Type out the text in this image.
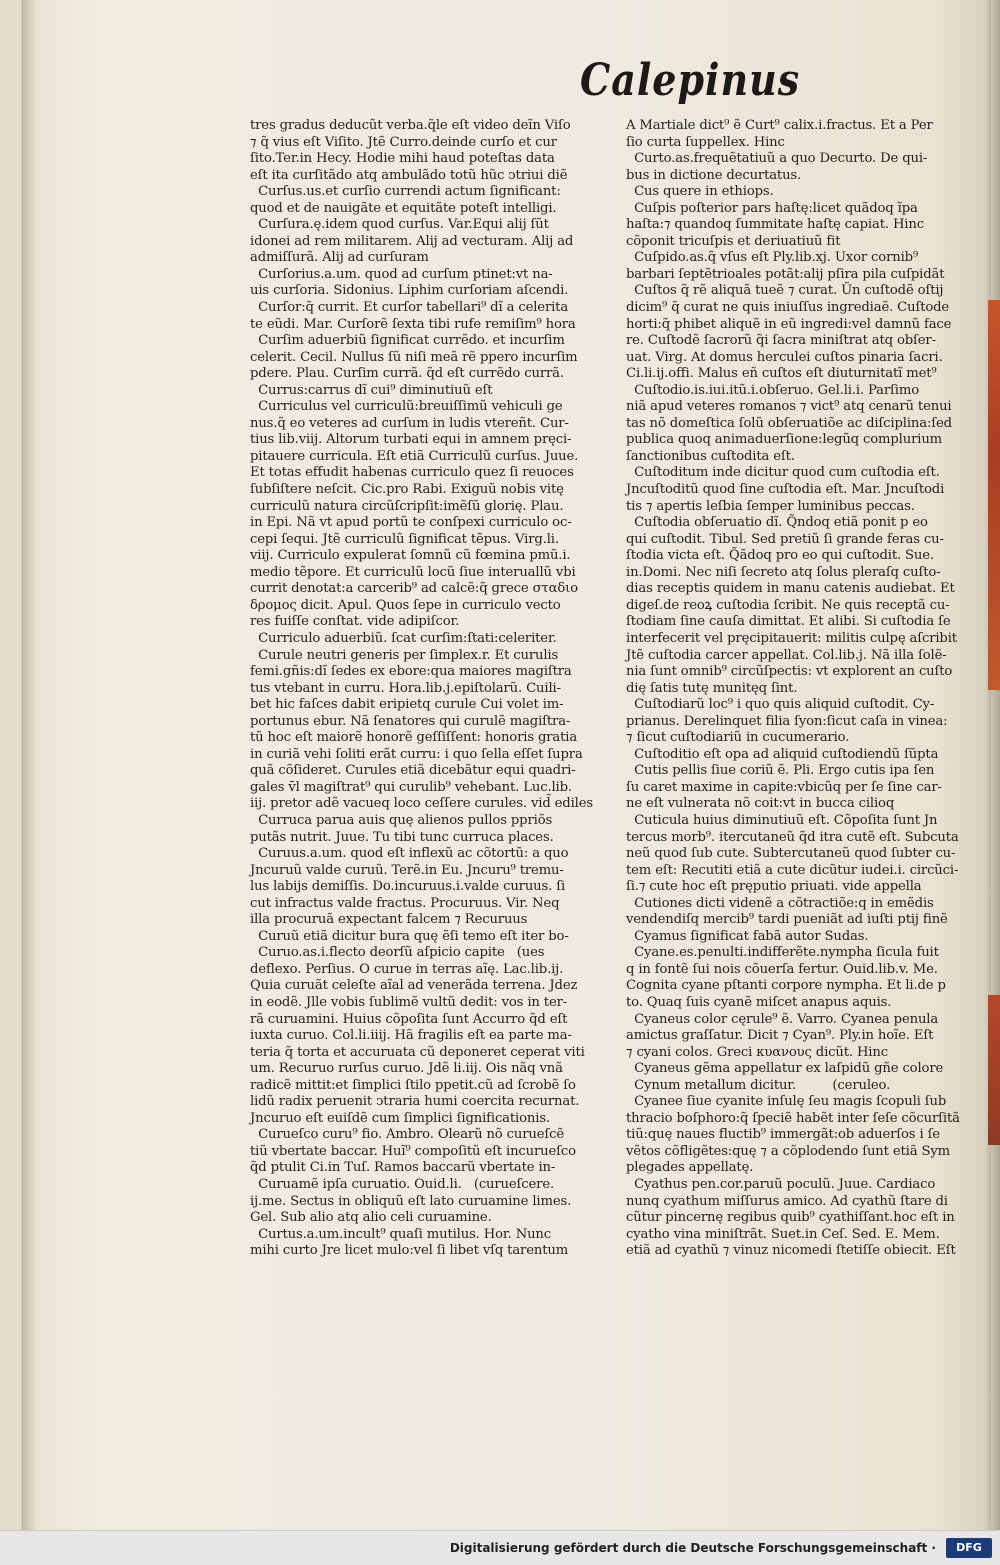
Calepinus
tres gradus deducũt verba.q̃le eſt video deĩn Viſo
⁊ q̃ vius eſt Viſito. Jtẽ Curro.deinde curſo et cur
ſito.Ter.in Hecy. Hodie mihi haud poteſtas data
eſt ita curſitãdo atq ambulãdo totũ hũc ↄtriui diẽ
Curſus.us.et curſio currendi actum ſignificant:
quod et de nauigãte et equitãte poteſt intelligi.
Curſura.ę.idem quod curſus. Var.Equi alij ſũt
idonei ad rem militarem. Alij ad vecturam. Alij ad
admiſſurã. Alij ad curſuram
Curſorius.a.um. quod ad curſum ptinet:vt na-
uis curſoria. Sidonius. Liphim curſoriam aſcendi.
Curſor:q̃ currit. Et curſor tabellari⁹ dĩ a celerita
te eũdi. Mar. Curſorẽ ſexta tibi rufe remiſim⁹ hora
Curſim aduerbiũ ſignificat currẽdo. et incurſim
celerit. Cecil. Nullus ſũ niſi meã rẽ ppero incurſim
pdere. Plau. Curſim currã. q̃d eſt currẽdo currã.
Currus:carrus dĩ cui⁹ diminutiuũ eſt
Curriculus vel curriculũ:breuiſſimũ vehiculi ge
nus.q̃ eo veteres ad curſum in ludis vtereñt. Cur-
tius lib.viij. Altorum turbati equi in amnem pręci-
pitauere curricula. Eſt etiã Curriculũ curſus. Juue.
Et totas effudit habenas curriculo quez ſi reuoces
ſubſiſtere neſcit. Cic.pro Rabi. Exiguũ nobis vitę
curriculũ natura circũſcripſit:imẽſũ glorię. Plau.
in Epi. Nã vt apud portũ te conſpexi curriculo oc-
cepi ſequi. Jtẽ curriculũ ſignificat tẽpus. Virg.li.
viij. Curriculo expulerat ſomnũ cũ fœmina pmũ.i.
medio tẽpore. Et curriculũ locũ ſiue interuallũ vbi
currit denotat:a carcerib⁹ ad calcẽ:q̃ grece σταδιο
δρομος dicit. Apul. Quos ſepe in curriculo vecto
res fuiſſe conſtat. vide adipiſcor.
Curriculo aduerbiũ. ſcat curſim:ſtati:celeriter.
Curule neutri generis per ſimplex.r. Et curulis
femi.gñis:dĩ ſedes ex ebore:qua maiores magiſtra
tus vtebant in curru. Hora.lib.j.epiſtolarũ. Cuili-
bet hic faſces dabit eripietq curule Cui volet im-
portunus ebur. Nã ſenatores qui curulẽ magiſtra-
tũ hoc eſt maiorẽ honorẽ geſſiſſent: honoris gratia
in curiã vehi ſoliti erãt curru: i quo ſella eſſet ſupra
quã cõſideret. Curules etiã dicebãtur equi quadri-
gales v̄l magiſtrat⁹ qui curulib⁹ vehebant. Luc.lib.
iij. pretor adẽ vacueq loco ceſſere curules. vid̃ ediles
Curruca parua auis quę alienos pullos ppriõs
putãs nutrit. Juue. Tu tibi tunc curruca places.
Curuus.a.um. quod eſt inflexũ ac cõtortũ: a quo
Jncuruũ valde curuũ. Terẽ.in Eu. Jncuru⁹ tremu-
lus labijs demiſſis. Do.incuruus.i.valde curuus. ſi
cut infractus valde fractus. Procuruus. Vir. Neq
illa procuruã expectant falcem ⁊ Recuruus
Curuũ etiã dicitur bura quę ẽſi temo eſt iter bo-
Curuo.as.i.flecto deorſũ aſpicio capite   (ues
deflexo. Perſius. O curue in terras aĩę. Lac.lib.ij.
Quia curuãt celeſte aĩal ad venerãda terrena. Jdez
in eodẽ. Jlle vobis ſublimẽ vultũ dedit: vos in ter-
rã curuamini. Huius cõpoſita ſunt Accurro q̃d eſt
iuxta curuo. Col.li.iiij. Hã fragilis eſt ea parte ma-
teria q̃ torta et accuruata cũ deponeret ceperat viti
um. Recuruo rurſus curuo. Jdẽ li.iij. Ois nãq vnã
radicẽ mittit:et ſimplici ſtilo ppetit.cũ ad ſcrobẽ ſo
lidũ radix peruenit ↄtraria humi coercita recurnat.
Jncuruo eſt euiſdẽ cum ſimplici ſignificationis.
Curueſco curu⁹ fio. Ambro. Olearũ nõ curueſcẽ
tiũ vbertate baccar. Huĩ⁹ compoſitũ eſt incurueſco
q̃d ptulit Ci.in Tuſ. Ramos baccarũ vbertate in-
Curuamẽ ipſa curuatio. Ouid.li.   (curueſcere.
ij.me. Sectus in obliquũ eſt lato curuamine limes.
Gel. Sub alio atq alio celi curuamine.
Curtus.a.um.incult⁹ quaſi mutilus. Hor. Nunc
mihi curto Jre licet mulo:vel ſi libet vſq tarentum
A Martiale dict⁹ ẽ Curt⁹ calix.i.fractus. Et a Per
ſio curta ſuppellex. Hinc
Curto.as.frequẽtatiuũ a quo Decurto. De qui-
bus in dictione decurtatus.
Cus quere in ethiops.
Cuſpis poſterior pars haſtę:licet quãdoq ĩpa
haſta:⁊ quandoq ſummitate haſtę capiat. Hinc
cõponit tricuſpis et deriuatiuũ fit
Cuſpido.as.q̃ vſus eſt Ply.lib.xj. Uxor cornib⁹
barbari ſeptẽtrioales potãt:alij pſira pila cuſpidãt
Cuſtos q̃ rẽ aliquã tueẽ ⁊ curat. Ũn cuſtodẽ oſtij
dicim⁹ q̃ curat ne quis iniuſſus ingrediaẽ. Cuſtode
horti:q̃ phibet aliquẽ in eũ ingredi:vel damnũ face
re. Cuſtodẽ ſacrorũ q̃i ſacra miniſtrat atq obſer-
uat. Virg. At domus herculei cuſtos pinaria ſacri.
Ci.li.ij.offi. Malus eñ cuſtos eſt diuturnitatĩ met⁹
Cuſtodio.is.iui.itũ.i.obſeruo. Gel.li.i. Parſimo
niã apud veteres romanos ⁊ vict⁹ atq cenarũ tenui
tas nõ domeſtica ſolũ obſeruatiõe ac diſciplina:ſed
publica quoq animaduerſione:legũq complurium
ſanctionibus cuſtodita eſt.
Cuſtoditum inde dicitur quod cum cuſtodia eſt.
Jncuſtoditũ quod ſine cuſtodia eſt. Mar. Jncuſtodi
tis ⁊ apertis leſbia ſemper luminibus peccas.
Cuſtodia obſeruatio dĩ. Q̃ndoq etiã ponit p eo
qui cuſtodit. Tibul. Sed pretiũ ſi grande feras cu-
ſtodia victa eſt. Q̃ãdoq pro eo qui cuſtodit. Sue.
in.Domi. Nec niſi ſecreto atq ſolus pleraſq cuſto-
dias receptis quidem in manu catenis audiebat. Et
digeſ.de reoꝝ cuſtodia ſcribit. Ne quis receptã cu-
ſtodiam ſine cauſa dimittat. Et alibi. Si cuſtodia ſe
interfecerit vel pręcipitauerit: militis culpę aſcribit
Jtẽ cuſtodia carcer appellat. Col.lib.j. Nã illa ſolẽ-
nia ſunt omnib⁹ circũſpectis: vt explorent an cuſto
dię ſatis tutę munitęq ſint.
Cuſtodiarũ loc⁹ i quo quis aliquid cuſtodit. Cy-
prianus. Derelinquet filia ſyon:ſicut caſa in vinea:
⁊ ſicut cuſtodiariũ in cucumerario.
Cuſtoditio eſt opa ad aliquid cuſtodiendũ ſũpta
Cutis pellis ſiue coriũ ẽ. Pli. Ergo cutis ipa ſen
ſu caret maxime in capite:vbicũq per ſe ſine car-
ne eſt vulnerata nõ coit:vt in bucca cilioq
Cuticula huius diminutiuũ eſt. Cõpoſita ſunt Jn
tercus morb⁹. itercutaneũ q̃d itra cutẽ eſt. Subcuta
neũ quod ſub cute. Subtercutaneũ quod ſubter cu-
tem eſt: Recutiti etiã a cute dicũtur iudei.i. circũci-
ſi.⁊ cute hoc eſt pręputio priuati. vide appella
Cutiones dicti videnẽ a cõtractiõe:q in emẽdis
vendendiſq mercib⁹ tardi pueniãt ad iuſti ptij finẽ
Cyamus ſignificat fabã autor Sudas.
Cyane.es.penulti.indifferẽte.nympha ſicula fuit
q in fontẽ ſui nois cõuerſa fertur. Ouid.lib.v. Me.
Cognita cyane pſtanti corpore nympha. Et li.de p
to. Quaq ſuis cyanẽ miſcet anapus aquis.
Cyaneus color cęrule⁹ ẽ. Varro. Cyanea penula
amictus graſſatur. Dicit ⁊ Cyan⁹. Ply.in hoĩe. Eſt
⁊ cyani colos. Greci κυανους dicũt. Hinc
Cyaneus gẽma appellatur ex laſpidũ gñe colore
Cynum metallum dicitur.         (ceruleo.
Cyanee ſiue cyanite inſulę ſeu magis ſcopuli ſub
thracio boſphoro:q̃ ſpeciẽ habẽt inter ſeſe cõcurſitã
tiũ:quę naues fluctib⁹ immergãt:ob aduerſos i ſe
vẽtos cõfligẽtes:quę ⁊ a cõplodendo ſunt etiã Sym
plegades appellatę.
Cyathus pen.cor.paruũ poculũ. Juue. Cardiaco
nunq cyathum miſſurus amico. Ad cyathũ ſtare di
cũtur pincernę regibus quib⁹ cyathiſſant.hoc eſt in
cyatho vina miniſtrãt. Suet.in Ceſ. Sed. E. Mem.
etiã ad cyathũ ⁊ vinuz nicomedi ſtetiſſe obiecit. Eſt
Digitalisierung gefördert durch die Deutsche Forschungsgemeinschaft ·	DFG
